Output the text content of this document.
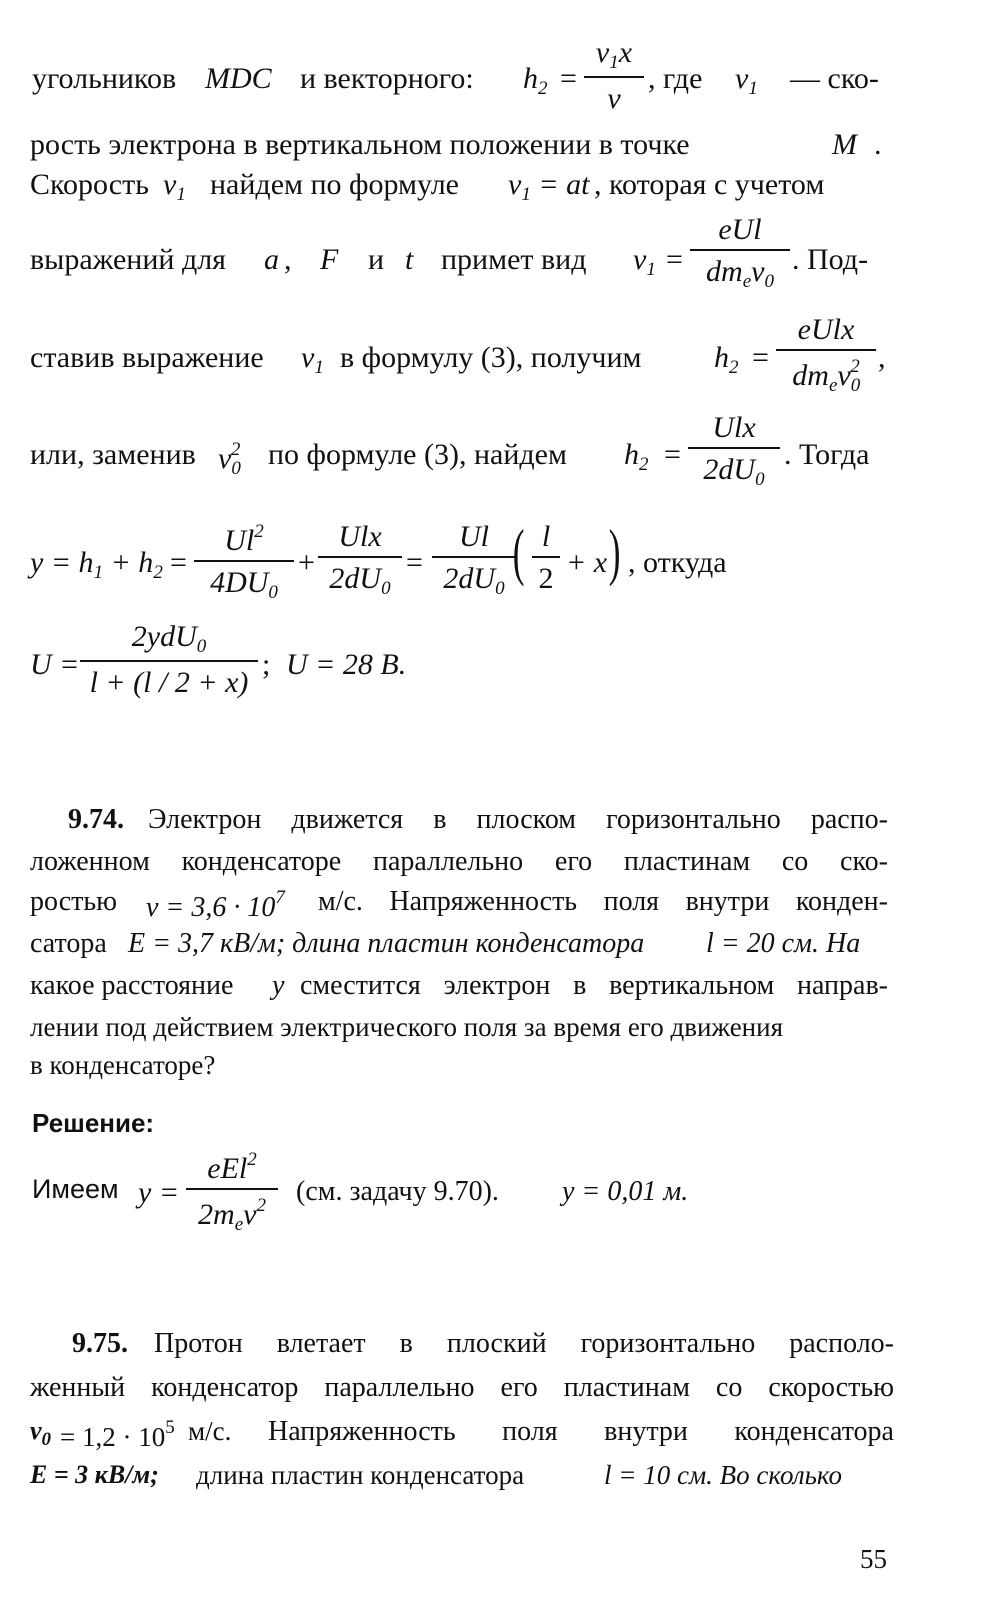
угольников MDC и векторного: $h_2$ =
$v_1x$
v
, где $v_1$ — ско-
рость электрона в вертикальном положении в точке	M .
Скорость $v_1$ найдем по формуле $v_1$ = at , которая с учетом
выражений для a , F и t примет вид $v_1$ =
eUl
$dm_ev_0$
. Под-
ставив выражение $v_1$ в формулу (3), получим $h_2$ =
eUlx
$dm_ev_0^2$ ,
или, заменив $v_0^2$ по формуле (3), найдем $h_2$ =
Ulx
$2dU_0$
. Тогда
$y = h_1 + h_2$ =
$Ul^2$
$4DU_0$
+
Ulx
$2dU_0$
=
Ul
$2dU_0$
( l
2 + x ) , откуда
U =
2ydU$_0$
l + (l / 2 + x)
; U = 28 В.
9.74. Электрон движется в плоском горизонтально распо-
ложенном конденсаторе параллельно его пластинам со ско-
ростью $v = 3,6 \cdot 10^7$ м/с. Напряженность поля внутри конден-
сатора E = 3,7 кВ/м; длина пластин конденсатора l = 20 см. На
какое расстояние y сместится электрон в вертикальном направ-
лении под действием электрического поля за время его движения
в конденсаторе?
Решение:
Имеем y =
eEl$^2$
$2m_ev^2$	(см. задачу 9.70). y = 0,01 м.
9.75. Протон влетает в плоский горизонтально располо-
женный конденсатор параллельно его пластинам со скоростью
$v_0 = 1,2 \cdot 10^5$ м/с. Напряженность поля внутри конденсатора
E = 3 кВ/м; длина пластин конденсатора	l = 10 см. Во сколько
55
